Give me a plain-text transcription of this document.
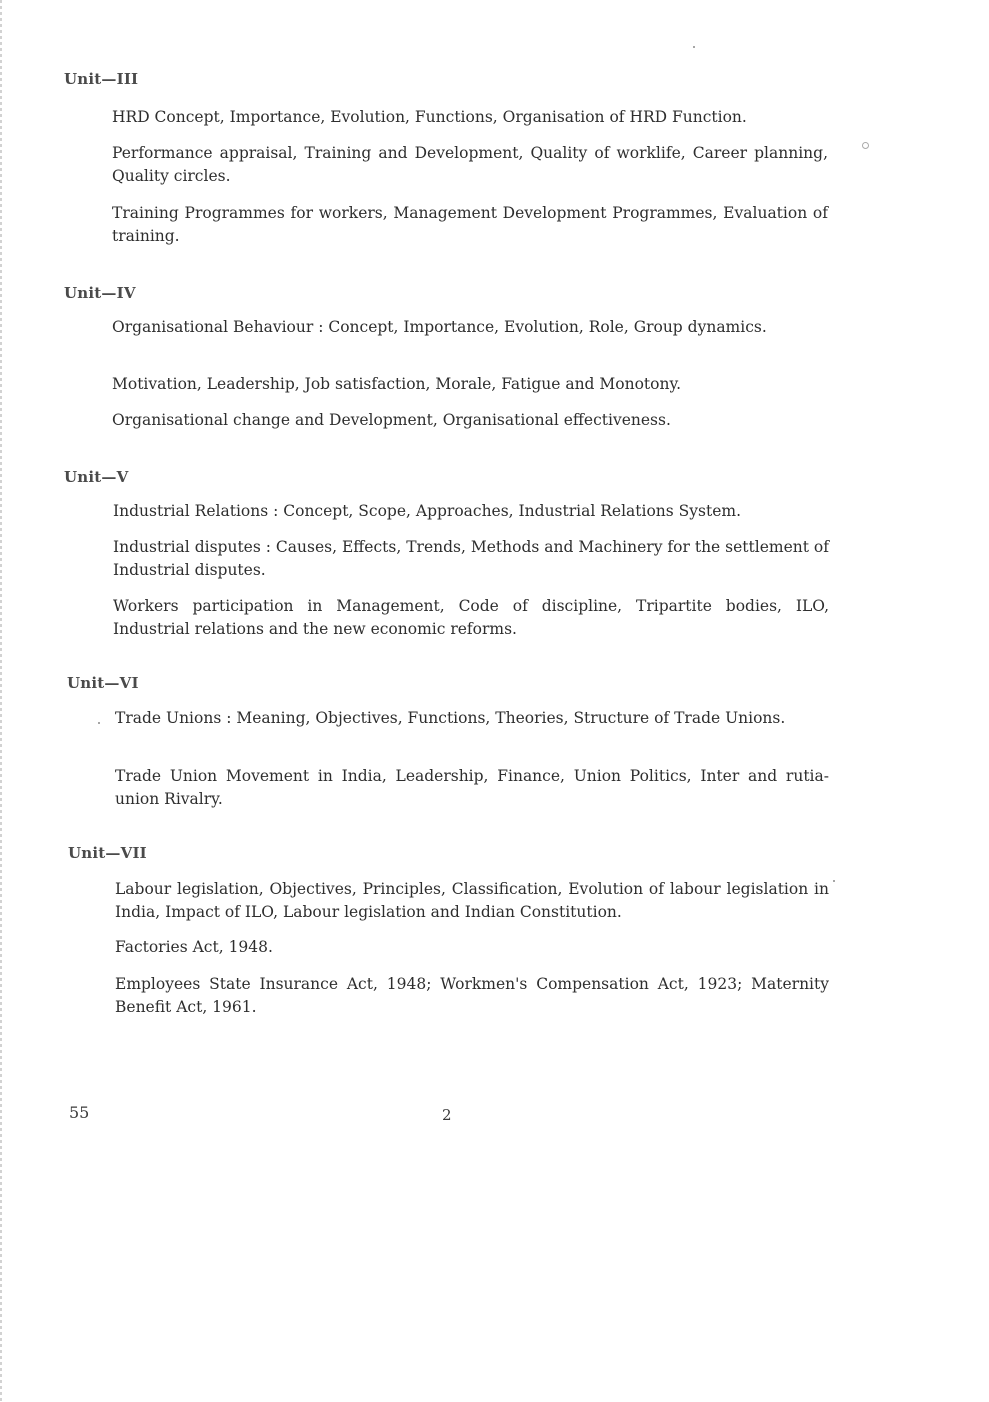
Unit—III
HRD Concept, Importance, Evolution, Functions, Organisation of HRD Function.
Performance appraisal, Training and Development, Quality of worklife, Career planning, Quality circles.
Training Programmes for workers, Management Development Programmes, Evaluation of training.
Unit—IV
Organisational Behaviour : Concept, Importance, Evolution, Role, Group dynamics.
Motivation, Leadership, Job satisfaction, Morale, Fatigue and Monotony.
Organisational change and Development, Organisational effectiveness.
Unit—V
Industrial Relations : Concept, Scope, Approaches, Industrial Relations System.
Industrial disputes : Causes, Effects, Trends, Methods and Machinery for the settlement of Industrial disputes.
Workers participation in Management, Code of discipline, Tripartite bodies, ILO, Industrial relations and the new economic reforms.
Unit—VI
Trade Unions : Meaning, Objectives, Functions, Theories, Structure of Trade Unions.
Trade Union Movement in India, Leadership, Finance, Union Politics, Inter and rutia-union Rivalry.
Unit—VII
Labour legislation, Objectives, Principles, Classification, Evolution of labour legislation in India, Impact of ILO, Labour legislation and Indian Constitution.
Factories Act, 1948.
Employees State Insurance Act, 1948; Workmen's Compensation Act, 1923; Maternity Benefit Act, 1961.
55	2
